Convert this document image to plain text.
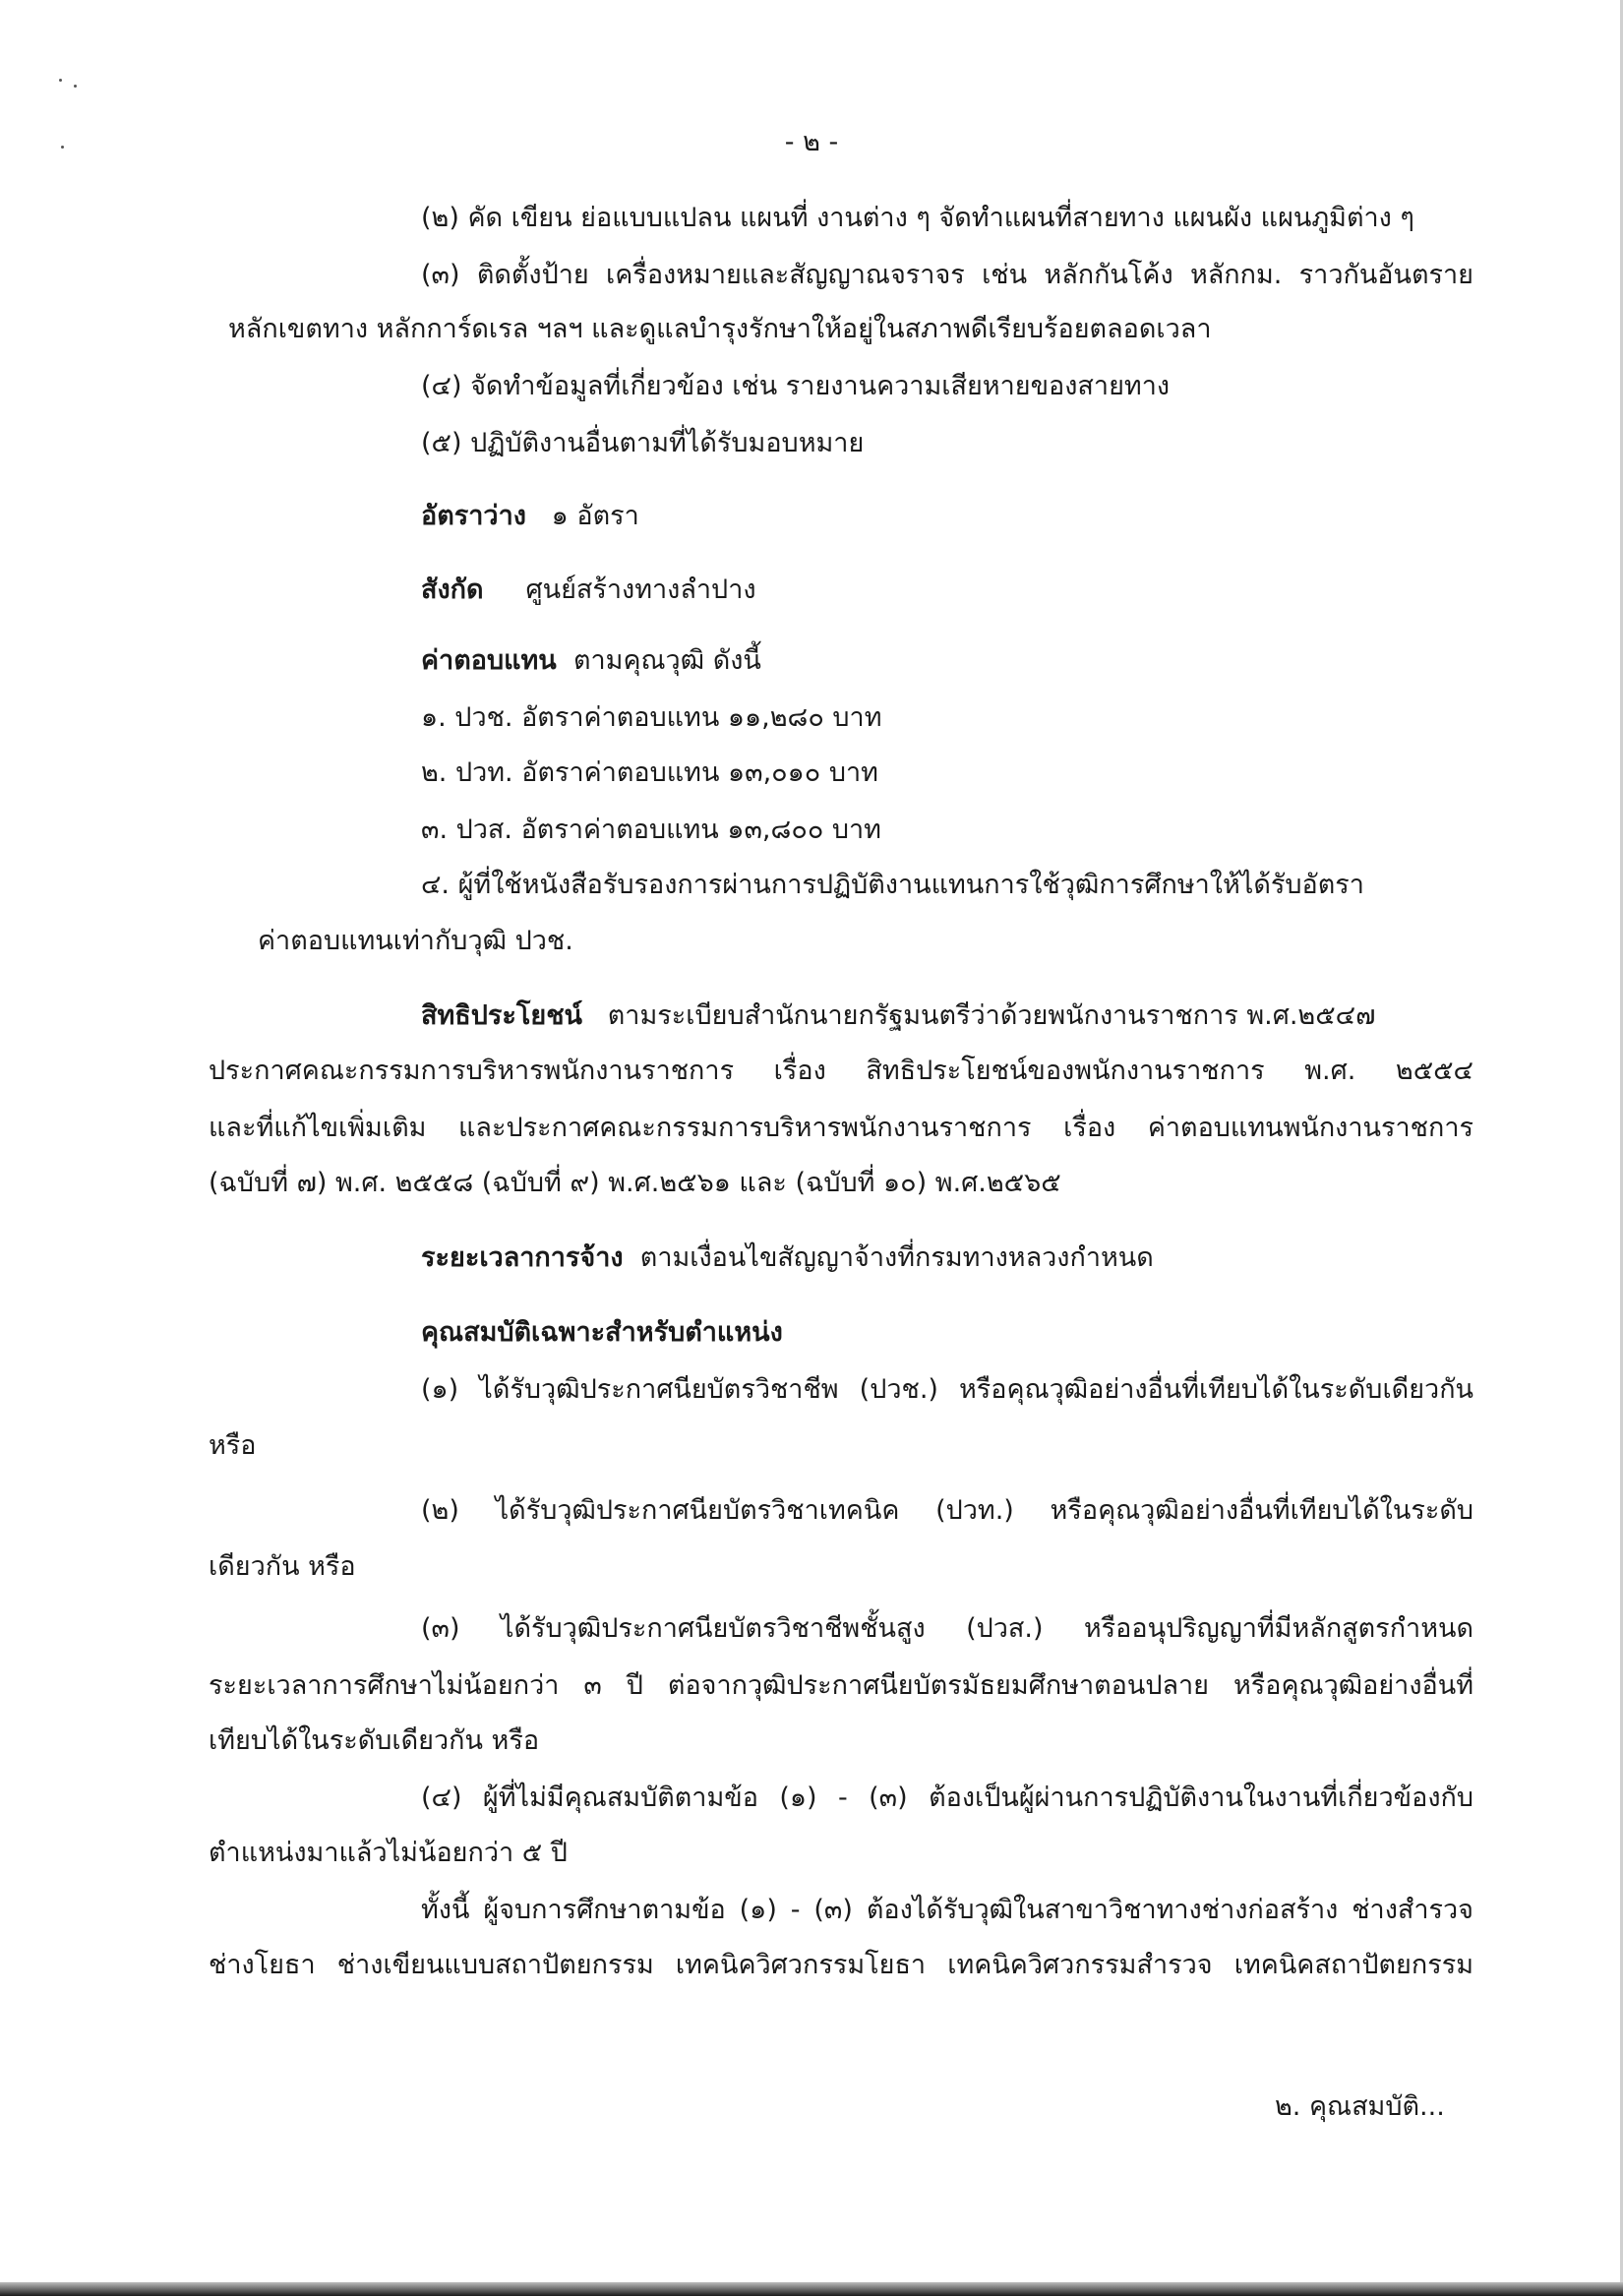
- ๒ -
(๒) คัด เขียน ย่อแบบแปลน แผนที่ งานต่าง ๆ จัดทำแผนที่สายทาง แผนผัง แผนภูมิต่าง ๆ
(๓) ติดตั้งป้าย เครื่องหมายและสัญญาณจราจร เช่น หลักกันโค้ง หลักกม. ราวกันอันตราย
หลักเขตทาง หลักการ์ดเรล ฯลฯ และดูแลบำรุงรักษาให้อยู่ในสภาพดีเรียบร้อยตลอดเวลา
(๔) จัดทำข้อมูลที่เกี่ยวข้อง เช่น รายงานความเสียหายของสายทาง
(๕) ปฏิบัติงานอื่นตามที่ได้รับมอบหมาย
อัตราว่าง ๑ อัตรา
สังกัด ศูนย์สร้างทางลำปาง
ค่าตอบแทน ตามคุณวุฒิ ดังนี้
๑. ปวช. อัตราค่าตอบแทน ๑๑,๒๘๐ บาท
๒. ปวท. อัตราค่าตอบแทน ๑๓,๐๑๐ บาท
๓. ปวส. อัตราค่าตอบแทน ๑๓,๘๐๐ บาท
๔. ผู้ที่ใช้หนังสือรับรองการผ่านการปฏิบัติงานแทนการใช้วุฒิการศึกษาให้ได้รับอัตรา
ค่าตอบแทนเท่ากับวุฒิ ปวช.
สิทธิประโยชน์ ตามระเบียบสำนักนายกรัฐมนตรีว่าด้วยพนักงานราชการ พ.ศ.๒๕๔๗
ประกาศคณะกรรมการบริหารพนักงานราชการ เรื่อง สิทธิประโยชน์ของพนักงานราชการ พ.ศ. ๒๕๕๔
และที่แก้ไขเพิ่มเติม และประกาศคณะกรรมการบริหารพนักงานราชการ เรื่อง ค่าตอบแทนพนักงานราชการ
(ฉบับที่ ๗) พ.ศ. ๒๕๕๘ (ฉบับที่ ๙) พ.ศ.๒๕๖๑ และ (ฉบับที่ ๑๐) พ.ศ.๒๕๖๕
ระยะเวลาการจ้าง ตามเงื่อนไขสัญญาจ้างที่กรมทางหลวงกำหนด
คุณสมบัติเฉพาะสำหรับตำแหน่ง
(๑) ได้รับวุฒิประกาศนียบัตรวิชาชีพ (ปวช.) หรือคุณวุฒิอย่างอื่นที่เทียบได้ในระดับเดียวกัน
หรือ
(๒) ได้รับวุฒิประกาศนียบัตรวิชาเทคนิค (ปวท.) หรือคุณวุฒิอย่างอื่นที่เทียบได้ในระดับ
เดียวกัน หรือ
(๓) ได้รับวุฒิประกาศนียบัตรวิชาชีพชั้นสูง (ปวส.) หรืออนุปริญญาที่มีหลักสูตรกำหนด
ระยะเวลาการศึกษาไม่น้อยกว่า ๓ ปี ต่อจากวุฒิประกาศนียบัตรมัธยมศึกษาตอนปลาย หรือคุณวุฒิอย่างอื่นที่
เทียบได้ในระดับเดียวกัน หรือ
(๔) ผู้ที่ไม่มีคุณสมบัติตามข้อ (๑) - (๓) ต้องเป็นผู้ผ่านการปฏิบัติงานในงานที่เกี่ยวข้องกับ
ตำแหน่งมาแล้วไม่น้อยกว่า ๕ ปี
ทั้งนี้ ผู้จบการศึกษาตามข้อ (๑) - (๓) ต้องได้รับวุฒิในสาขาวิชาทางช่างก่อสร้าง ช่างสำรวจ
ช่างโยธา ช่างเขียนแบบสถาปัตยกรรม เทคนิควิศวกรรมโยธา เทคนิควิศวกรรมสำรวจ เทคนิคสถาปัตยกรรม
๒. คุณสมบัติ...
